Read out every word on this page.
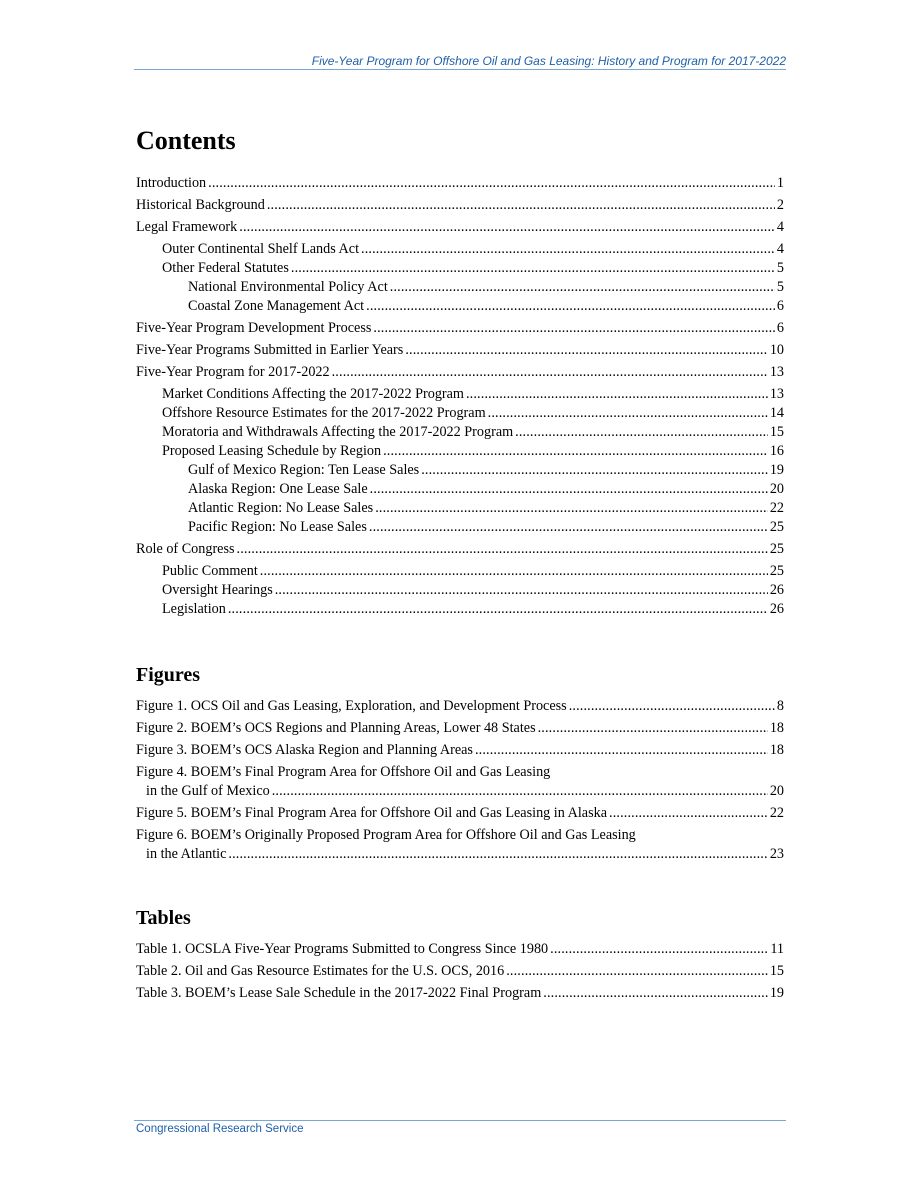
Five-Year Program for Offshore Oil and Gas Leasing: History and Program for 2017-2022
Contents
Introduction . . .	1
Historical Background . . .	2
Legal Framework . . .	4
Outer Continental Shelf Lands Act . . .	4
Other Federal Statutes . . .	5
National Environmental Policy Act . . .	5
Coastal Zone Management Act . . .	6
Five-Year Program Development Process . . .	6
Five-Year Programs Submitted in Earlier Years . . .	10
Five-Year Program for 2017-2022 . . .	13
Market Conditions Affecting the 2017-2022 Program . . .	13
Offshore Resource Estimates for the 2017-2022 Program . . .	14
Moratoria and Withdrawals Affecting the 2017-2022 Program . . .	15
Proposed Leasing Schedule by Region . . .	16
Gulf of Mexico Region: Ten Lease Sales . . .	19
Alaska Region: One Lease Sale . . .	20
Atlantic Region: No Lease Sales . . .	22
Pacific Region: No Lease Sales . . .	25
Role of Congress . . .	25
Public Comment . . .	25
Oversight Hearings . . .	26
Legislation . . .	26
Figures
Figure 1. OCS Oil and Gas Leasing, Exploration, and Development Process . . .	8
Figure 2. BOEM’s OCS Regions and Planning Areas, Lower 48 States . . .	18
Figure 3. BOEM’s OCS Alaska Region and Planning Areas . . .	18
Figure 4. BOEM’s Final Program Area for Offshore Oil and Gas Leasing
in the Gulf of Mexico . . .	20
Figure 5. BOEM’s Final Program Area for Offshore Oil and Gas Leasing in Alaska . . .	22
Figure 6. BOEM’s Originally Proposed Program Area for Offshore Oil and Gas Leasing
in the Atlantic . . .	23
Tables
Table 1. OCSLA Five-Year Programs Submitted to Congress Since 1980 . . .	11
Table 2. Oil and Gas Resource Estimates for the U.S. OCS, 2016 . . .	15
Table 3. BOEM’s Lease Sale Schedule in the 2017-2022 Final Program . . .	19
Congressional Research Service
